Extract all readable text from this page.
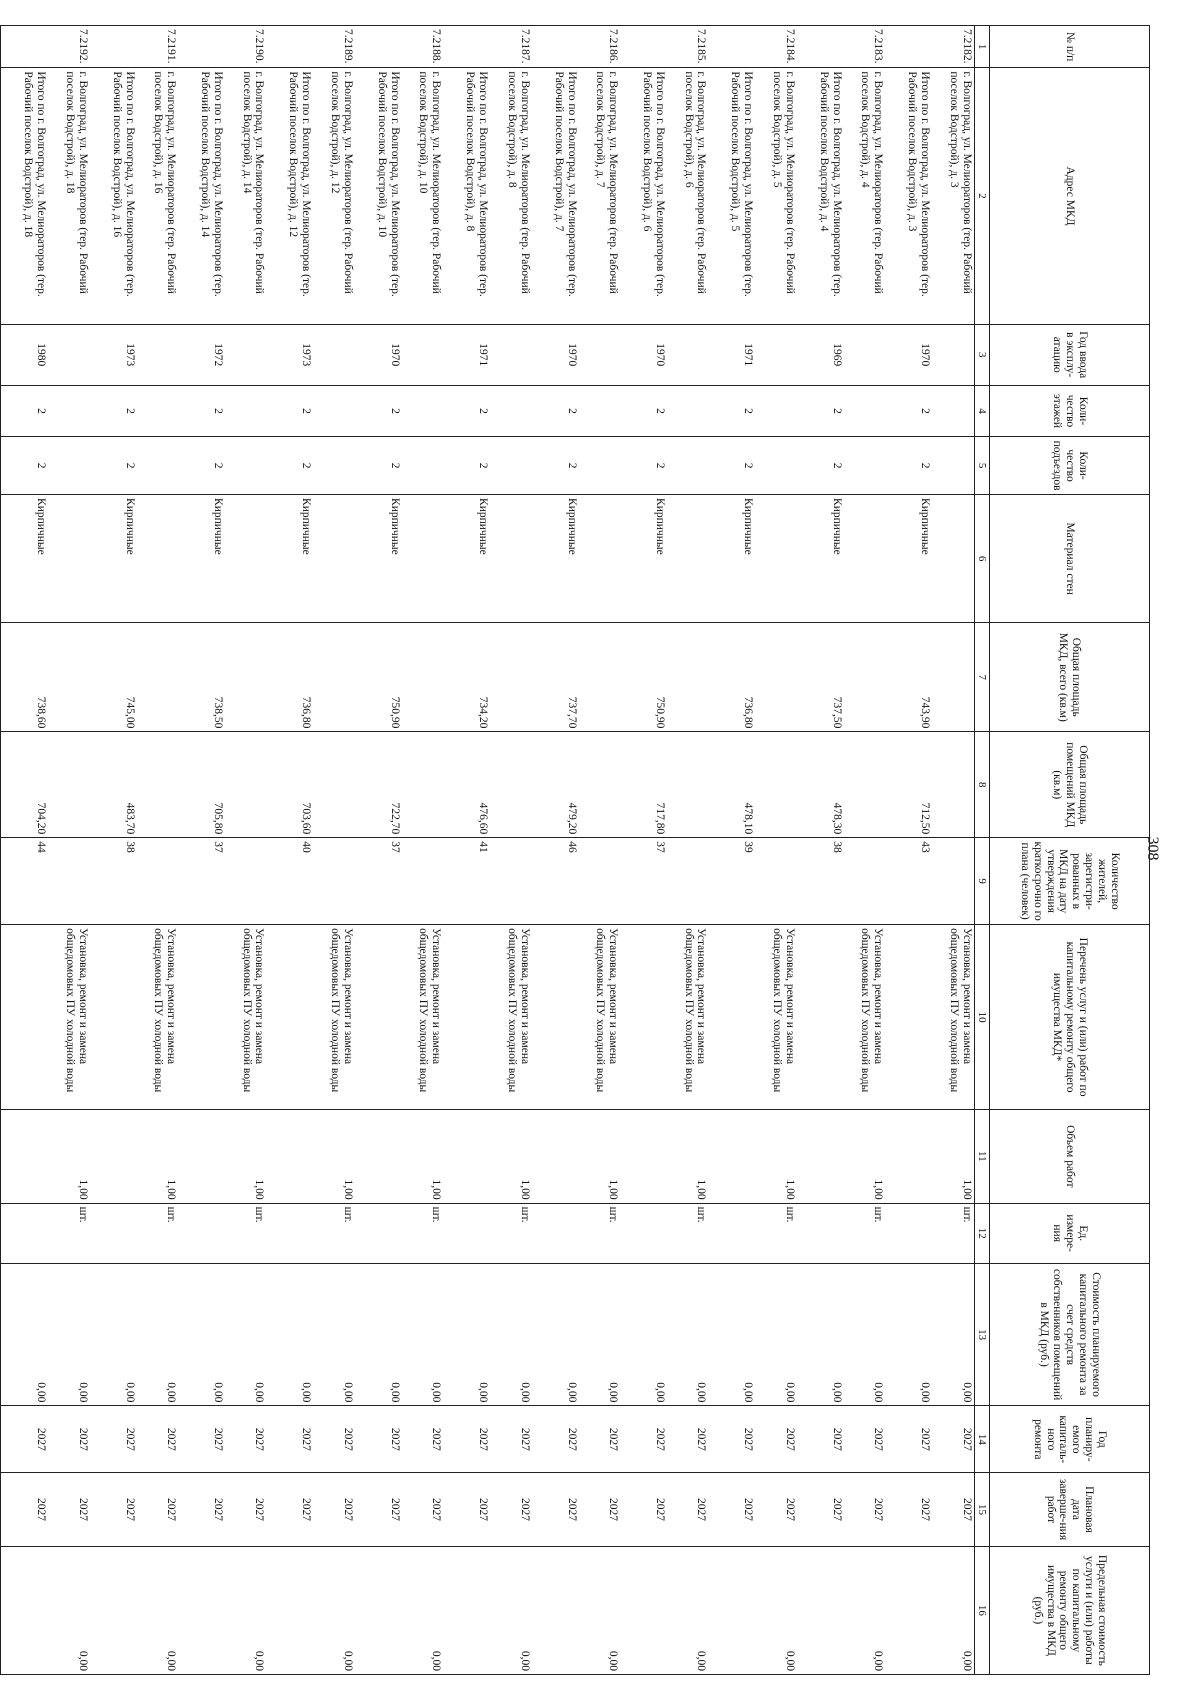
308
№ п/п	Адрес МКД	Год ввода в эксплу-атацию	Коли-чество этажей	Коли-чество подъездов	Материал стен	Общая площадь МКД, всего (кв.м)	Общая площадь помещений МКД (кв.м)	Количество жителей, зарегистри-рованных в МКД на дату утверждения краткосрочно го плана (человек)	Перечень услуг и (или) работ по капитальному ремонту общего имущества МКД*	Объем работ	Ед. измере-ния	Стоимость планируемого капитального ремонта за счет средств собственников помещений в МКД (руб.)	Год планиру-емого капиталь-ного ремонта	Плановая дата заверше-ния работ	Предельная стоимость услуги и (или) работы по капитальному ремонту общего имущества в МКД (руб.)
1	2	3	4	5	6	7	8	9	10	11	12	13	14	15	16
7.2182.	г. Волгоград, ул. Мелиораторов (тер. Рабочий поселок Водстрой), д. 3								Установка, ремонт и замена общедомовых ПУ холодной воды	1,00	шт.	0,00	2027	2027	0,00
	Итого по г. Волгоград, ул. Мелиораторов (тер. Рабочий поселок Водстрой), д. 3	1970	2	2	Кирпичные	743,90	712,50	43				0,00	2027	2027	
7.2183.	г. Волгоград, ул. Мелиораторов (тер. Рабочий поселок Водстрой), д. 4								Установка, ремонт и замена общедомовых ПУ холодной воды	1,00	шт.	0,00	2027	2027	0,00
	Итого по г. Волгоград, ул. Мелиораторов (тер. Рабочий поселок Водстрой), д. 4	1969	2	2	Кирпичные	737,50	478,30	38				0,00	2027	2027	
7.2184.	г. Волгоград, ул. Мелиораторов (тер. Рабочий поселок Водстрой), д. 5								Установка, ремонт и замена общедомовых ПУ холодной воды	1,00	шт.	0,00	2027	2027	0,00
	Итого по г. Волгоград, ул. Мелиораторов (тер. Рабочий поселок Водстрой), д. 5	1971	2	2	Кирпичные	736,80	478,10	39				0,00	2027	2027	
7.2185.	г. Волгоград, ул. Мелиораторов (тер. Рабочий поселок Водстрой), д. 6								Установка, ремонт и замена общедомовых ПУ холодной воды	1,00	шт.	0,00	2027	2027	0,00
	Итого по г. Волгоград, ул. Мелиораторов (тер. Рабочий поселок Водстрой), д. 6	1970	2	2	Кирпичные	750,90	717,80	37				0,00	2027	2027	
7.2186.	г. Волгоград, ул. Мелиораторов (тер. Рабочий поселок Водстрой), д. 7								Установка, ремонт и замена общедомовых ПУ холодной воды	1,00	шт.	0,00	2027	2027	0,00
	Итого по г. Волгоград, ул. Мелиораторов (тер. Рабочий поселок Водстрой), д. 7	1970	2	2	Кирпичные	737,70	479,20	46				0,00	2027	2027	
7.2187.	г. Волгоград, ул. Мелиораторов (тер. Рабочий поселок Водстрой), д. 8								Установка, ремонт и замена общедомовых ПУ холодной воды	1,00	шт.	0,00	2027	2027	0,00
	Итого по г. Волгоград, ул. Мелиораторов (тер. Рабочий поселок Водстрой), д. 8	1971	2	2	Кирпичные	734,20	476,60	41				0,00	2027	2027	
7.2188.	г. Волгоград, ул. Мелиораторов (тер. Рабочий поселок Водстрой), д. 10								Установка, ремонт и замена общедомовых ПУ холодной воды	1,00	шт.	0,00	2027	2027	0,00
	Итого по г. Волгоград, ул. Мелиораторов (тер. Рабочий поселок Водстрой), д. 10	1970	2	2	Кирпичные	750,90	722,70	37				0,00	2027	2027	
7.2189.	г. Волгоград, ул. Мелиораторов (тер. Рабочий поселок Водстрой), д. 12								Установка, ремонт и замена общедомовых ПУ холодной воды	1,00	шт.	0,00	2027	2027	0,00
	Итого по г. Волгоград, ул. Мелиораторов (тер. Рабочий поселок Водстрой), д. 12	1973	2	2	Кирпичные	736,80	703,60	40				0,00	2027	2027	
7.2190.	г. Волгоград, ул. Мелиораторов (тер. Рабочий поселок Водстрой), д. 14								Установка, ремонт и замена общедомовых ПУ холодной воды	1,00	шт.	0,00	2027	2027	0,00
	Итого по г. Волгоград, ул. Мелиораторов (тер. Рабочий поселок Водстрой), д. 14	1972	2	2	Кирпичные	738,50	705,80	37				0,00	2027	2027	
7.2191.	г. Волгоград, ул. Мелиораторов (тер. Рабочий поселок Водстрой), д. 16								Установка, ремонт и замена общедомовых ПУ холодной воды	1,00	шт.	0,00	2027	2027	0,00
	Итого по г. Волгоград, ул. Мелиораторов (тер. Рабочий поселок Водстрой), д. 16	1973	2	2	Кирпичные	745,00	483,70	38				0,00	2027	2027	
7.2192.	г. Волгоград, ул. Мелиораторов (тер. Рабочий поселок Водстрой), д. 18								Установка, ремонт и замена общедомовых ПУ холодной воды	1,00	шт.	0,00	2027	2027	0,00
	Итого по г. Волгоград, ул. Мелиораторов (тер. Рабочий поселок Водстрой), д. 18	1980	2	2	Кирпичные	738,60	704,20	44				0,00	2027	2027	
